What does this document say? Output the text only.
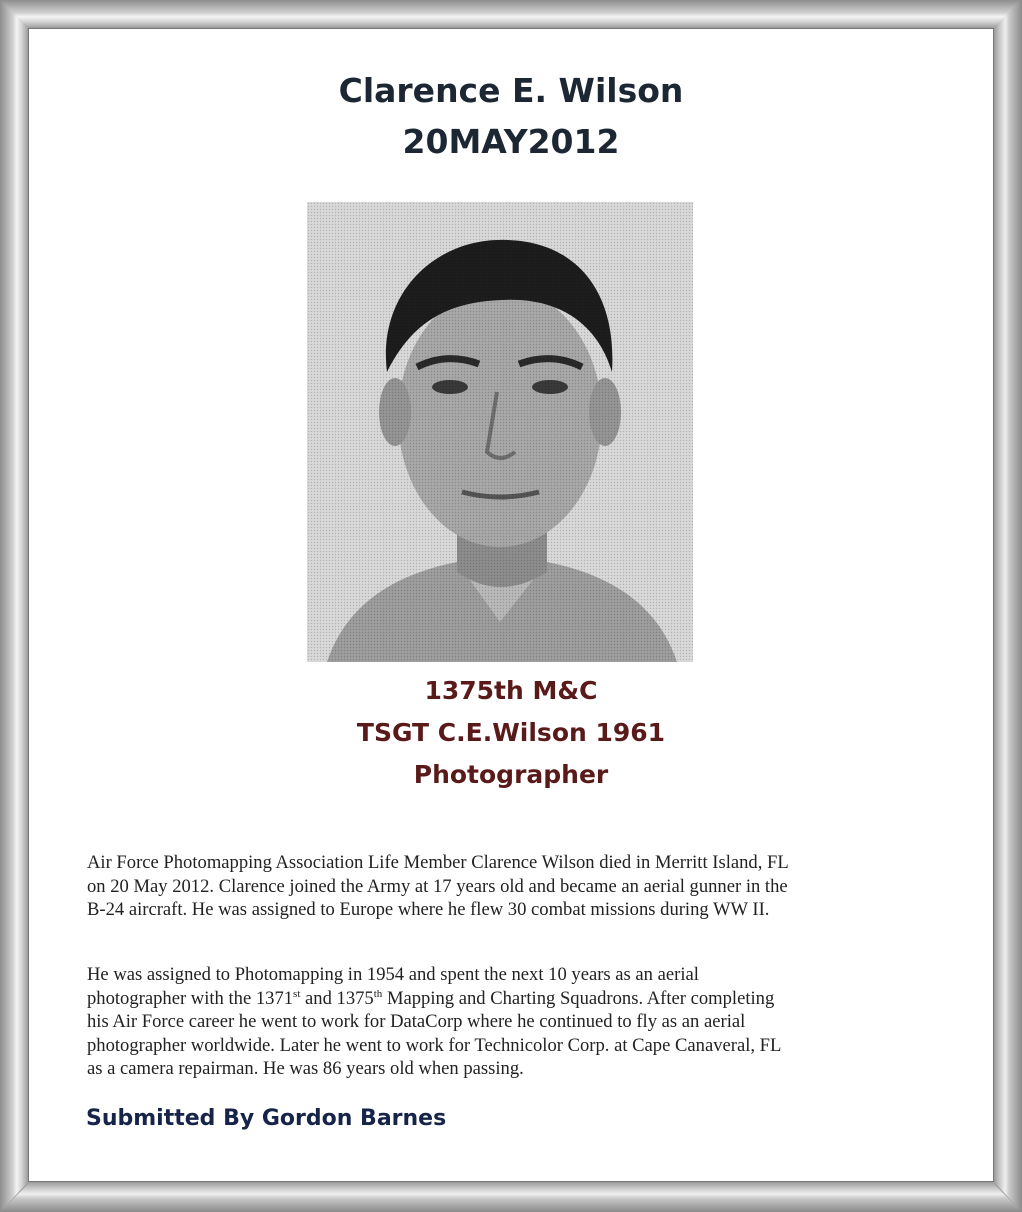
Clarence E. Wilson
20MAY2012
1375th M&C
TSGT C.E.Wilson 1961
Photographer
Air Force Photomapping Association Life Member Clarence Wilson died in Merritt Island, FL
on 20 May 2012. Clarence joined the Army at 17 years old and became an aerial gunner in the
B-24 aircraft. He was assigned to Europe where he flew 30 combat missions during WW II.
He was assigned to Photomapping in 1954 and spent the next 10 years as an aerial
photographer with the 1371st and 1375th Mapping and Charting Squadrons. After completing
his Air Force career he went to work for DataCorp where he continued to fly as an aerial
photographer worldwide. Later he went to work for Technicolor Corp. at Cape Canaveral, FL
as a camera repairman. He was 86 years old when passing.
Submitted By Gordon Barnes
